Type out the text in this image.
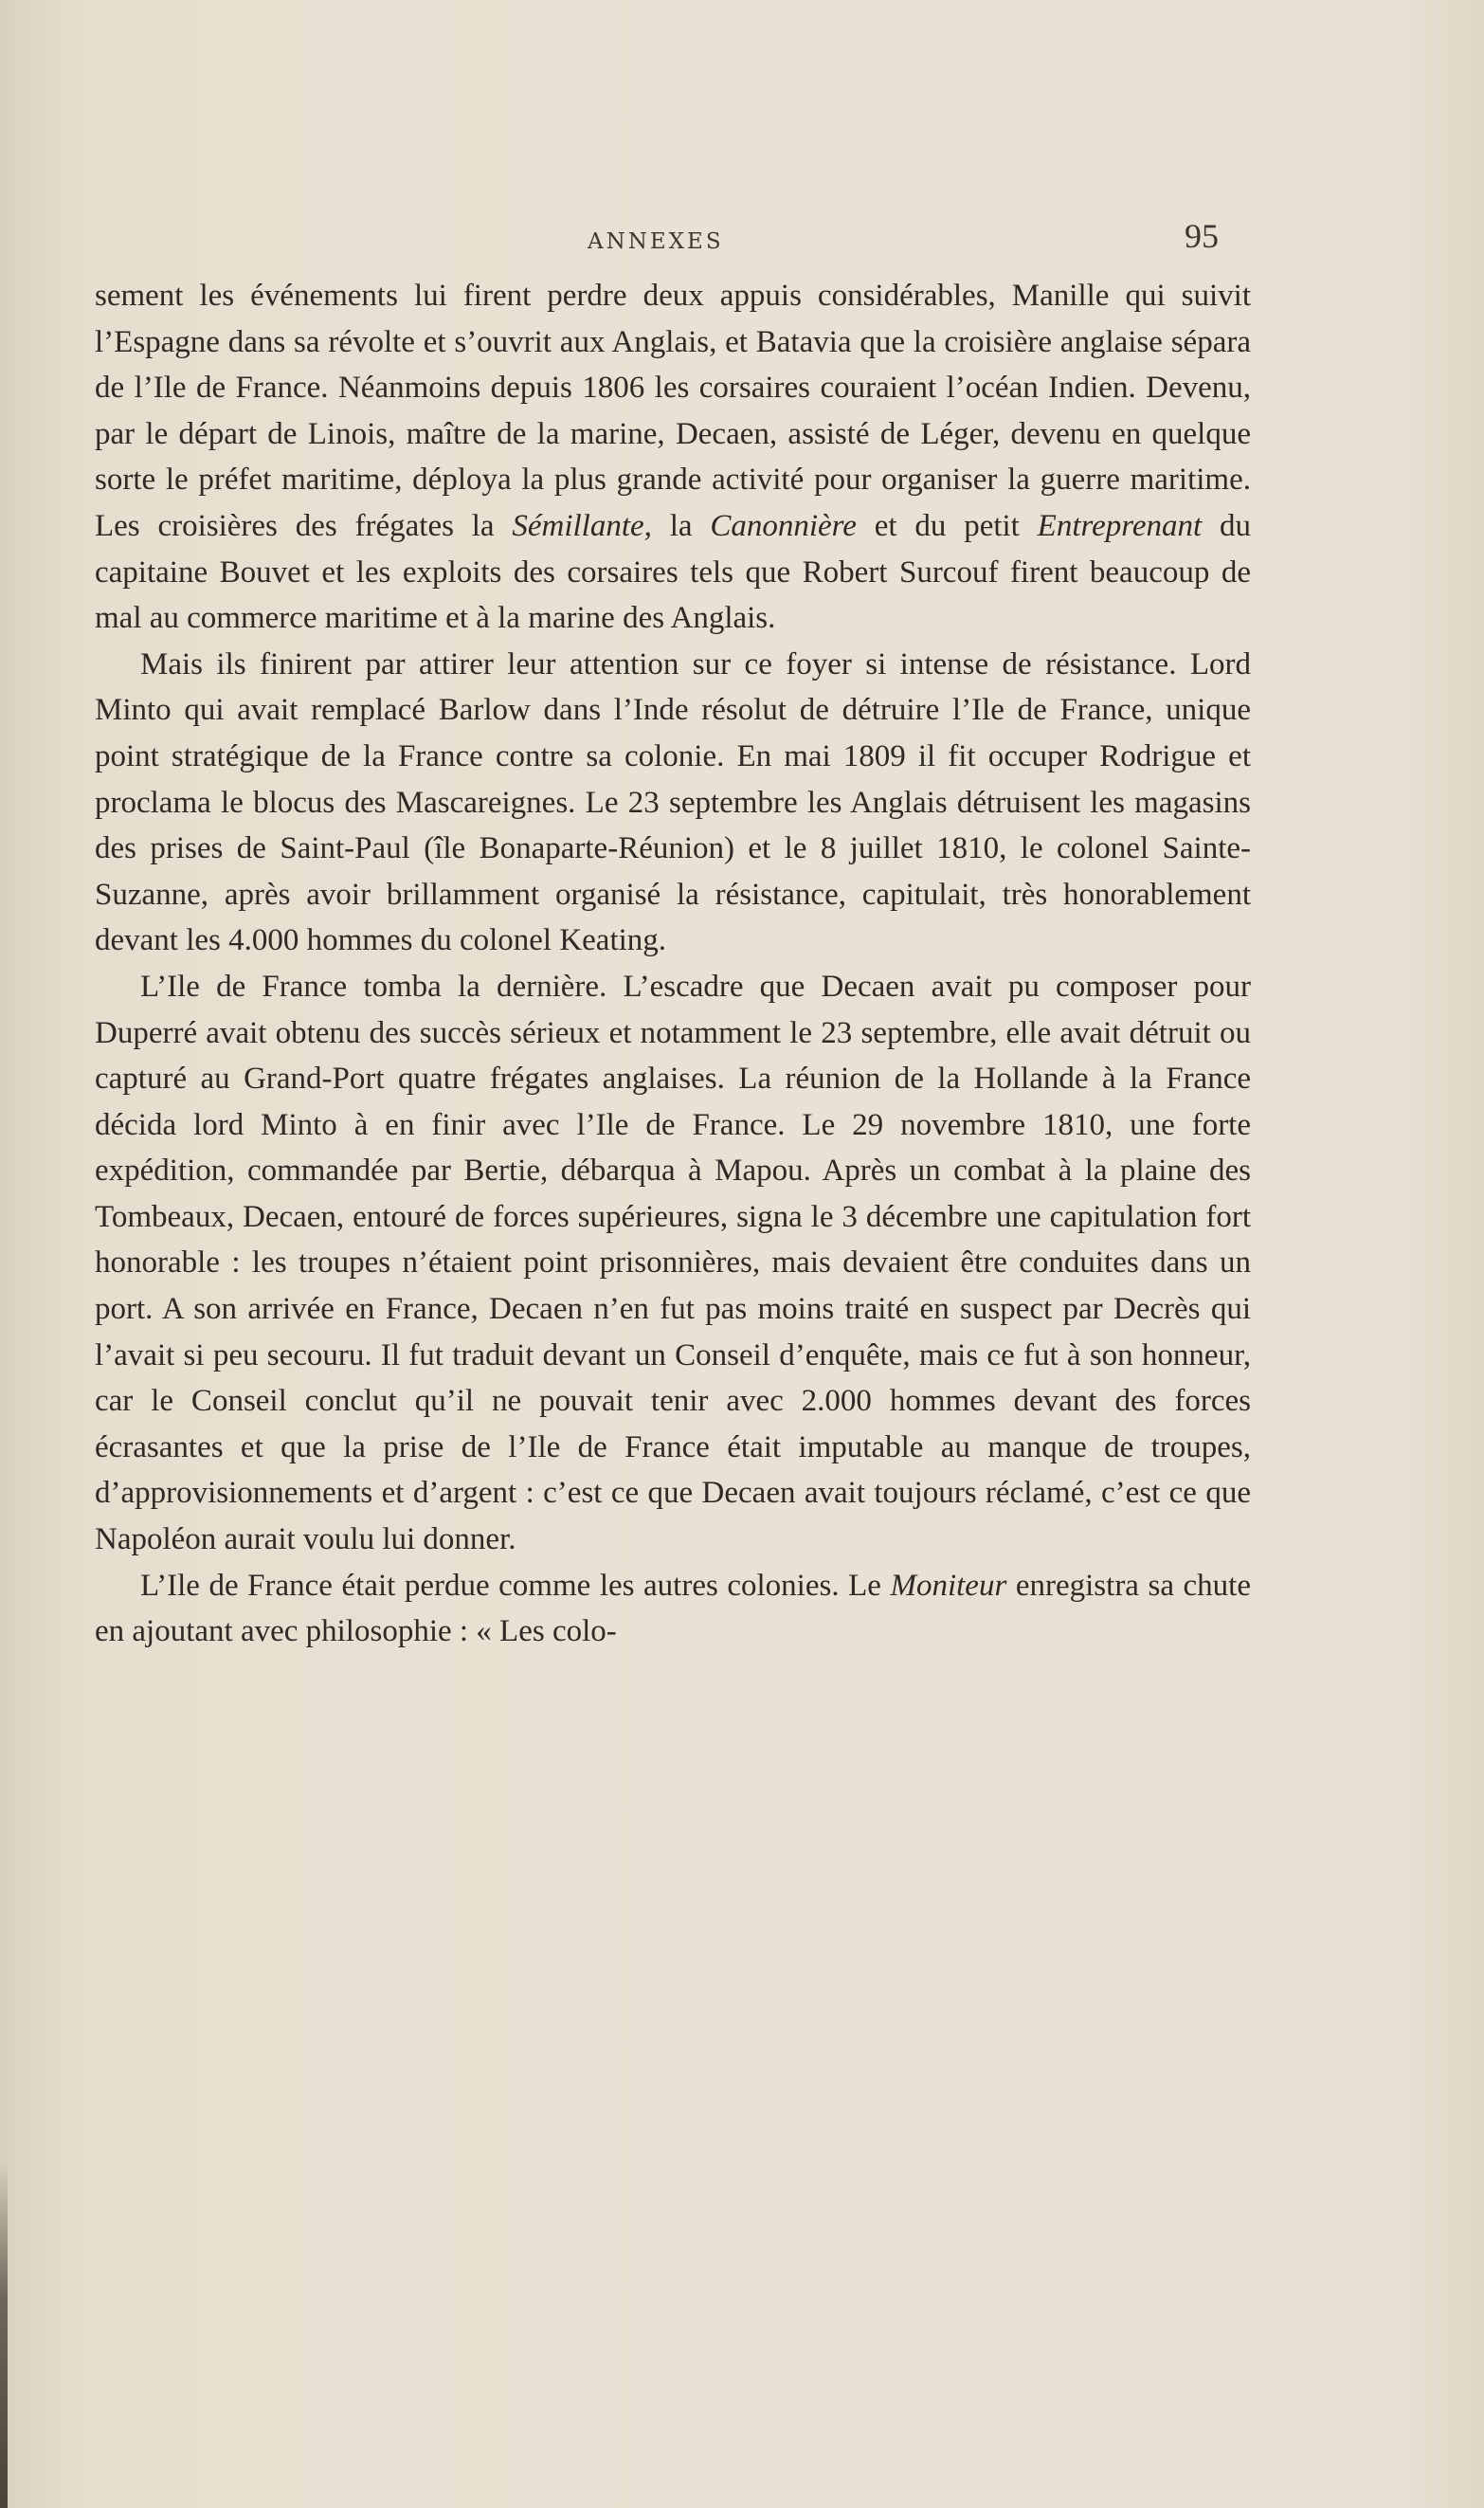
ANNEXES	95

sement les événements lui firent perdre deux appuis considérables, Manille qui suivit l’Espagne dans sa révolte et s’ouvrit aux Anglais, et Batavia que la croisière anglaise sépara de l’Ile de France. Néanmoins depuis 1806 les corsaires couraient l’océan Indien. Devenu, par le départ de Linois, maître de la marine, Decaen, assisté de Léger, devenu en quelque sorte le préfet maritime, déploya la plus grande activité pour organiser la guerre maritime. Les croisières des frégates la Sémillante, la Canonnière et du petit Entreprenant du capitaine Bouvet et les exploits des corsaires tels que Robert Surcouf firent beaucoup de mal au commerce maritime et à la marine des Anglais.

Mais ils finirent par attirer leur attention sur ce foyer si intense de résistance. Lord Minto qui avait remplacé Barlow dans l’Inde résolut de détruire l’Ile de France, unique point stratégique de la France contre sa colonie. En mai 1809 il fit occuper Rodrigue et proclama le blocus des Mascareignes. Le 23 septembre les Anglais détruisent les magasins des prises de Saint-Paul (île Bonaparte-Réunion) et le 8 juillet 1810, le colonel Sainte-Suzanne, après avoir brillamment organisé la résistance, capitulait, très honorablement devant les 4.000 hommes du colonel Keating.

L’Ile de France tomba la dernière. L’escadre que Decaen avait pu composer pour Duperré avait obtenu des succès sérieux et notamment le 23 septembre, elle avait détruit ou capturé au Grand-Port quatre frégates anglaises. La réunion de la Hollande à la France décida lord Minto à en finir avec l’Ile de France. Le 29 novembre 1810, une forte expédition, commandée par Bertie, débarqua à Mapou. Après un combat à la plaine des Tombeaux, Decaen, entouré de forces supérieures, signa le 3 décembre une capitulation fort honorable : les troupes n’étaient point prisonnières, mais devaient être conduites dans un port. A son arrivée en France, Decaen n’en fut pas moins traité en suspect par Decrès qui l’avait si peu secouru. Il fut traduit devant un Conseil d’enquête, mais ce fut à son honneur, car le Conseil conclut qu’il ne pouvait tenir avec 2.000 hommes devant des forces écrasantes et que la prise de l’Ile de France était imputable au manque de troupes, d’approvisionnements et d’argent : c’est ce que Decaen avait toujours réclamé, c’est ce que Napoléon aurait voulu lui donner.

L’Ile de France était perdue comme les autres colonies. Le Moniteur enregistra sa chute en ajoutant avec philosophie : « Les colo-
